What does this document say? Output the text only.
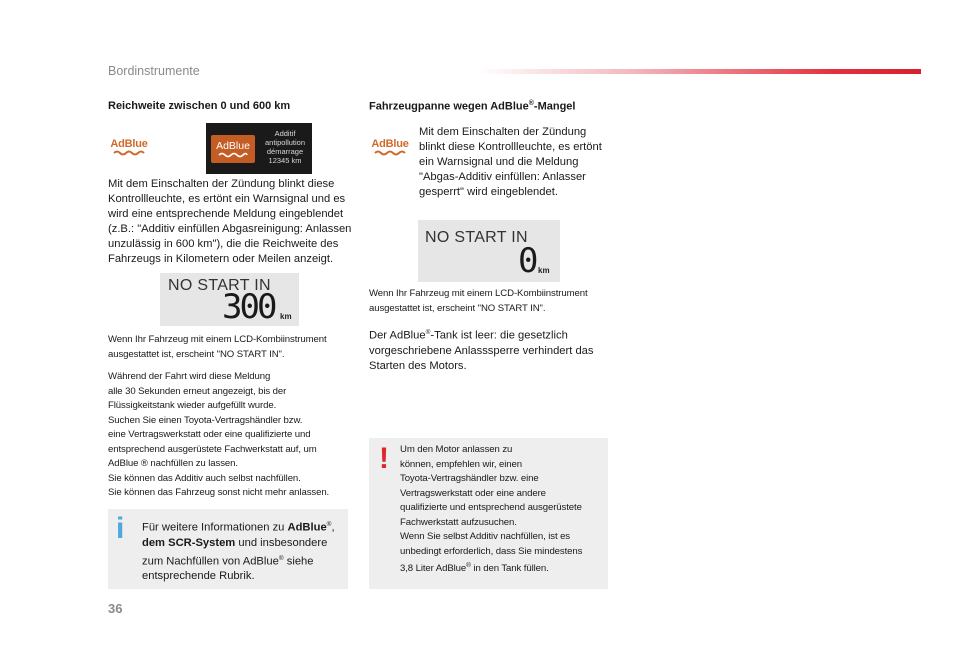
Bordinstrumente
Reichweite zwischen 0 und 600 km
AdBlue	AdBlue
Additif
antipollution
démarrage
12345 km
Mit dem Einschalten der Zündung blinkt diese
Kontrollleuchte, es ertönt ein Warnsignal und es
wird eine entsprechende Meldung eingeblendet
(z.B.: "Additiv einfüllen Abgasreinigung: Anlassen
unzulässig in 600 km"), die die Reichweite des
Fahrzeugs in Kilometern oder Meilen anzeigt.
NO START IN
300 km
Wenn Ihr Fahrzeug mit einem LCD-Kombiinstrument
ausgestattet ist, erscheint "NO START IN".
Während der Fahrt wird diese Meldung
alle 30 Sekunden erneut angezeigt, bis der
Flüssigkeitstank wieder aufgefüllt wurde.
Suchen Sie einen Toyota-Vertragshändler bzw.
eine Vertragswerkstatt oder eine qualifizierte und
entsprechend ausgerüstete Fachwerkstatt auf, um
AdBlue ® nachfüllen zu lassen.
Sie können das Additiv auch selbst nachfüllen.
Sie können das Fahrzeug sonst nicht mehr anlassen.
i Für weitere Informationen zu AdBlue®,
dem SCR-System und insbesondere
zum Nachfüllen von AdBlue® siehe
entsprechende Rubrik.
36
Fahrzeugpanne wegen AdBlue®-Mangel
AdBlue
Mit dem Einschalten der Zündung
blinkt diese Kontrollleuchte, es ertönt
ein Warnsignal und die Meldung
"Abgas-Additiv einfüllen: Anlasser
gesperrt" wird eingeblendet.
NO START IN
0 km
Wenn Ihr Fahrzeug mit einem LCD-Kombiinstrument
ausgestattet ist, erscheint "NO START IN".
Der AdBlue®-Tank ist leer: die gesetzlich
vorgeschriebene Anlasssperre verhindert das
Starten des Motors.
! Um den Motor anlassen zu
können, empfehlen wir, einen
Toyota-Vertragshändler bzw. eine
Vertragswerkstatt oder eine andere
qualifizierte und entsprechend ausgerüstete
Fachwerkstatt aufzusuchen.
Wenn Sie selbst Additiv nachfüllen, ist es
unbedingt erforderlich, dass Sie mindestens
3,8 Liter AdBlue® in den Tank füllen.
